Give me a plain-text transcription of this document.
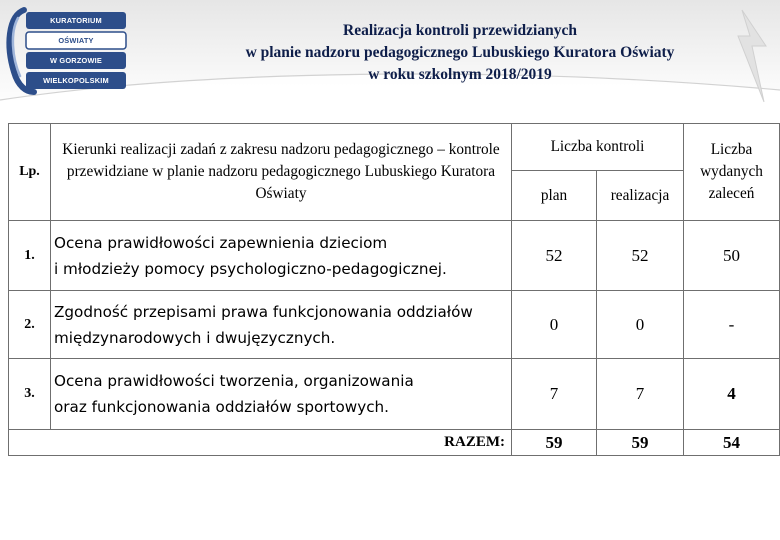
KURATORIUM
OŚWIATY
W GORZOWIE
WIELKOPOLSKIM
Realizacja kontroli przewidzianych
w planie nadzoru pedagogicznego Lubuskiego Kuratora Oświaty
w roku szkolnym 2018/2019
Lp.	Kierunki realizacji zadań z zakresu nadzoru pedagogicznego – kontrole przewidziane w planie nadzoru pedagogicznego Lubuskiego Kuratora Oświaty	Liczba kontroli		Liczba wydanych zaleceń
		plan	realizacja	
1.	Ocena prawidłowości zapewnienia dzieciom
i młodzieży pomocy psychologiczno-pedagogicznej.	52	52	50
2.	Zgodność przepisami prawa funkcjonowania oddziałów
międzynarodowych i dwujęzycznych.	0	0	-
3.	Ocena prawidłowości tworzenia, organizowania
oraz funkcjonowania oddziałów sportowych.	7	7	4
RAZEM:		59	59	54
